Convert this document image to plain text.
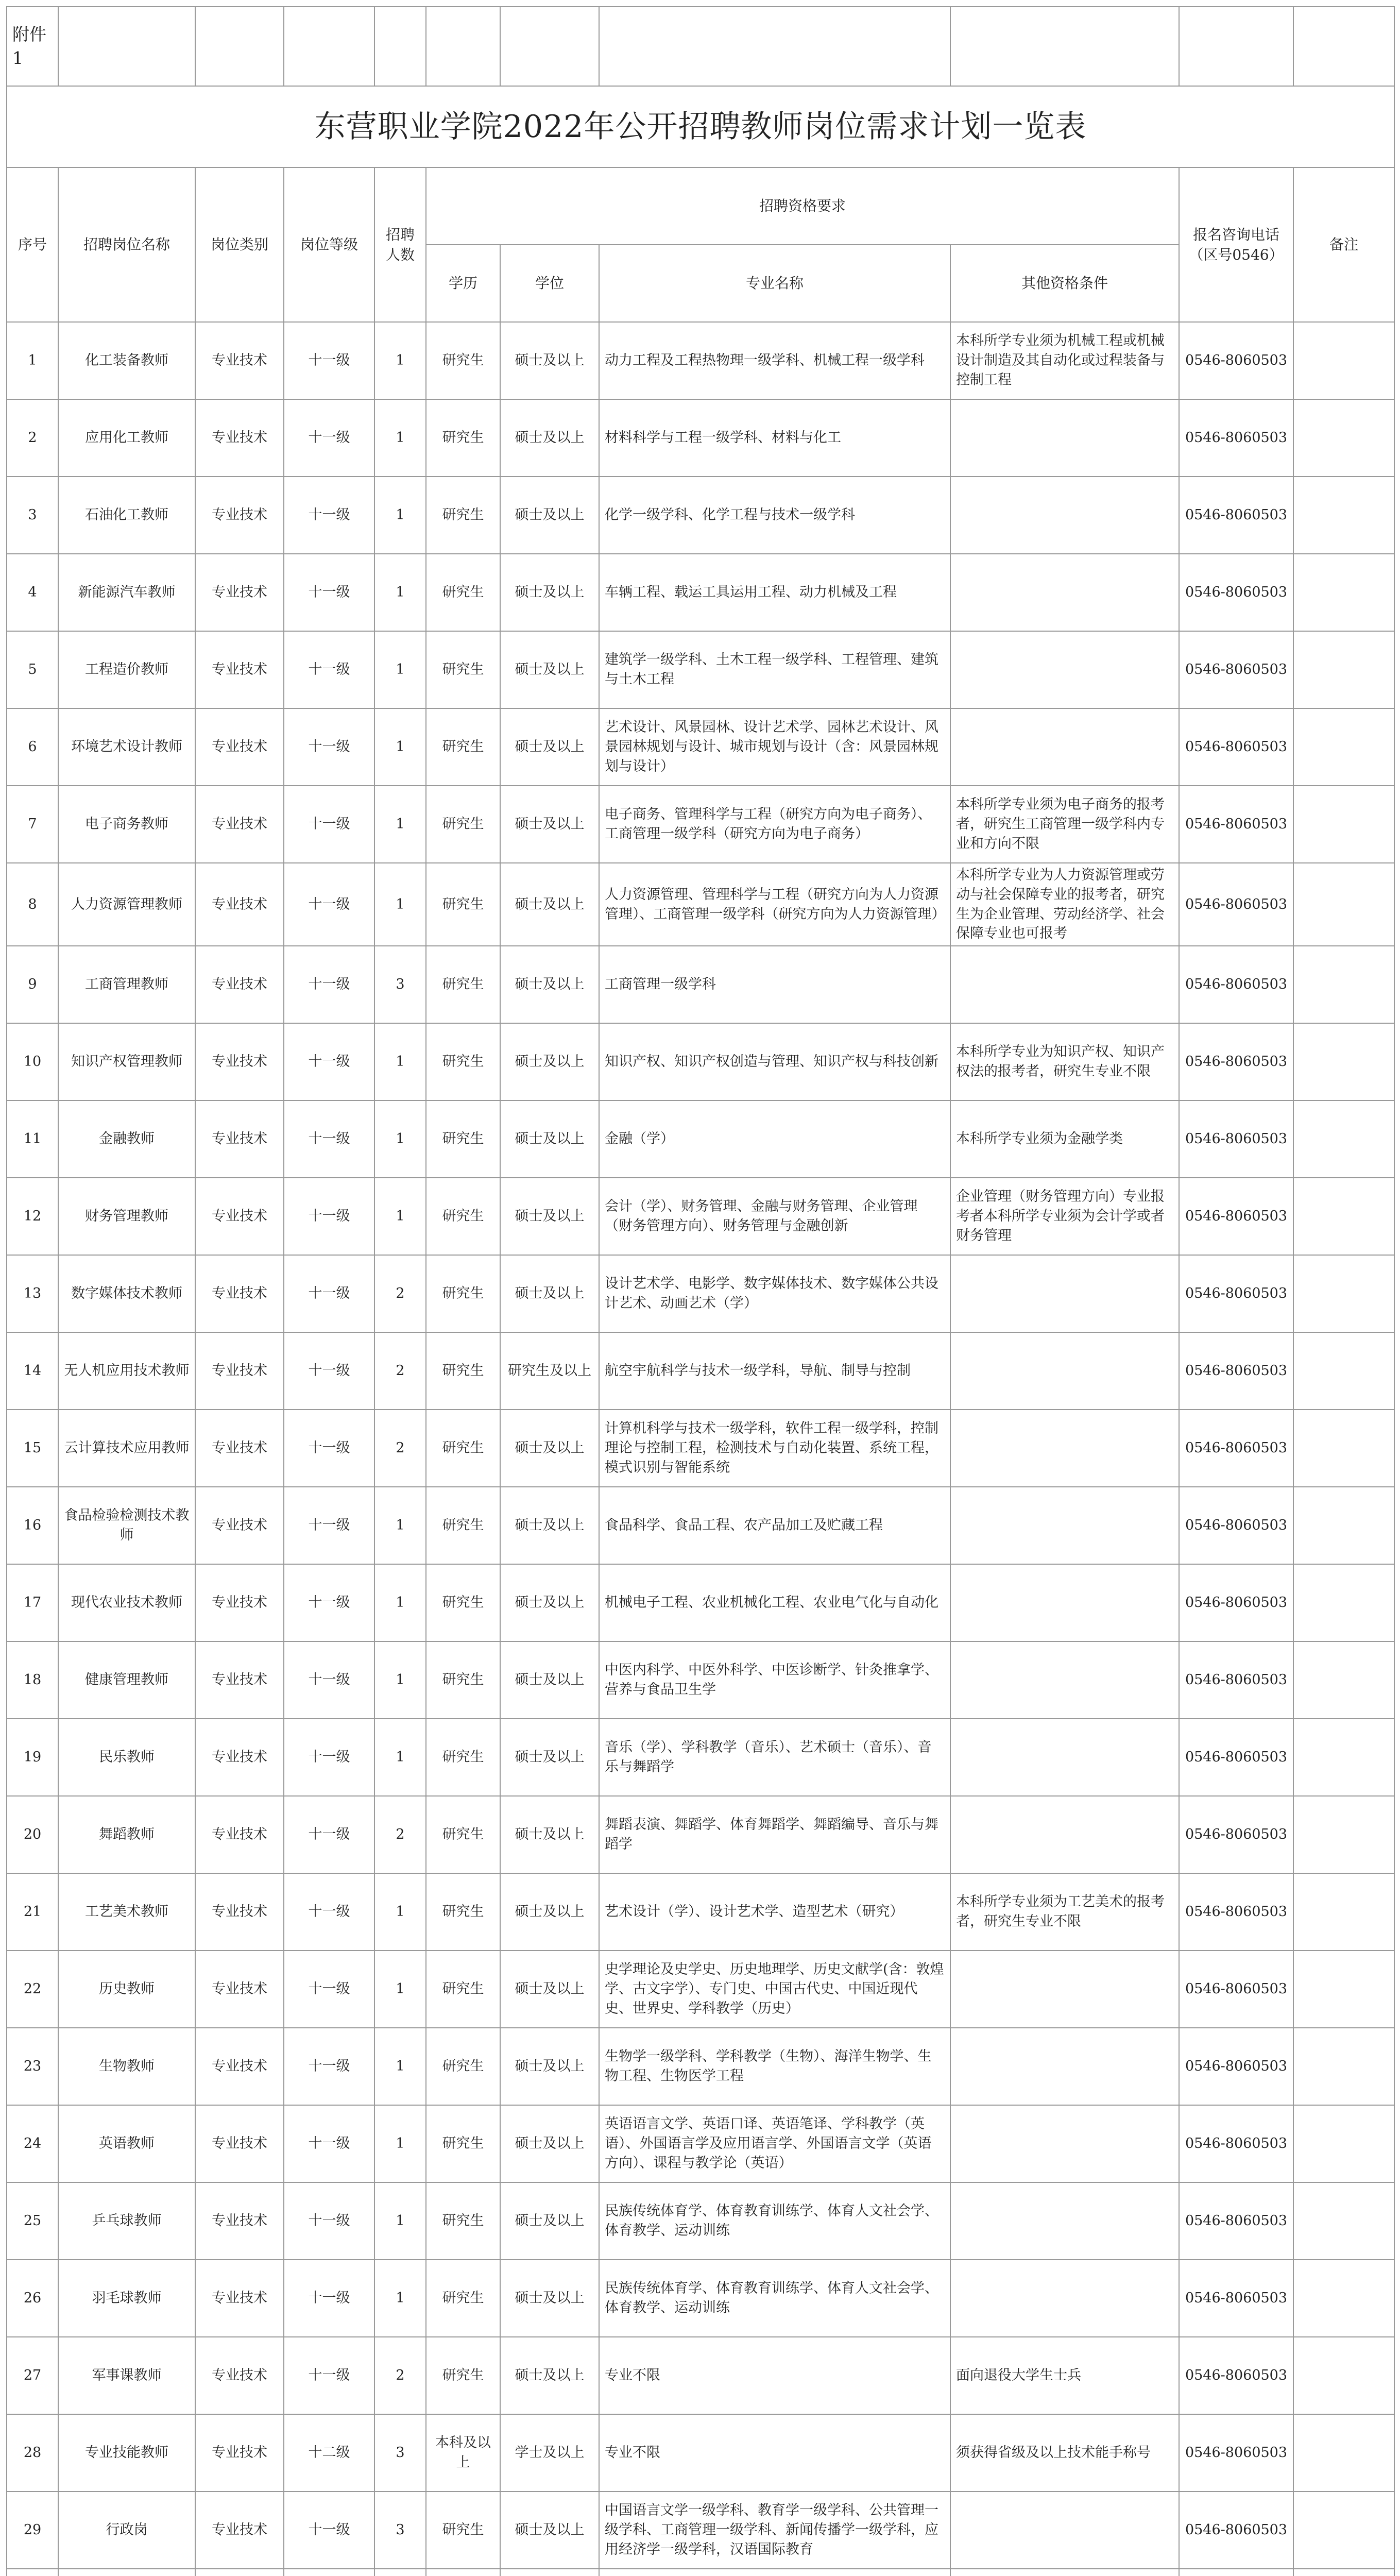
附件1										
东营职业学院2022年公开招聘教师岗位需求计划一览表										
序号	招聘岗位名称	岗位类别	岗位等级	招聘人数	招聘资格要求				报名咨询电话（区号0546）	备注
					学历	学位	专业名称	其他资格条件		
1	化工装备教师	专业技术	十一级	1	研究生	硕士及以上	动力工程及工程热物理一级学科、机械工程一级学科	本科所学专业须为机械工程或机械设计制造及其自动化或过程装备与控制工程	0546-8060503	
2	应用化工教师	专业技术	十一级	1	研究生	硕士及以上	材料科学与工程一级学科、材料与化工		0546-8060503	
3	石油化工教师	专业技术	十一级	1	研究生	硕士及以上	化学一级学科、化学工程与技术一级学科		0546-8060503	
4	新能源汽车教师	专业技术	十一级	1	研究生	硕士及以上	车辆工程、载运工具运用工程、动力机械及工程		0546-8060503	
5	工程造价教师	专业技术	十一级	1	研究生	硕士及以上	建筑学一级学科、土木工程一级学科、工程管理、建筑与土木工程		0546-8060503	
6	环境艺术设计教师	专业技术	十一级	1	研究生	硕士及以上	艺术设计、风景园林、设计艺术学、园林艺术设计、风景园林规划与设计、城市规划与设计（含：风景园林规划与设计）		0546-8060503	
7	电子商务教师	专业技术	十一级	1	研究生	硕士及以上	电子商务、管理科学与工程（研究方向为电子商务）、工商管理一级学科（研究方向为电子商务）	本科所学专业须为电子商务的报考者，研究生工商管理一级学科内专业和方向不限	0546-8060503	
8	人力资源管理教师	专业技术	十一级	1	研究生	硕士及以上	人力资源管理、管理科学与工程（研究方向为人力资源管理）、工商管理一级学科（研究方向为人力资源管理）	本科所学专业为人力资源管理或劳动与社会保障专业的报考者，研究生为企业管理、劳动经济学、社会保障专业也可报考	0546-8060503	
9	工商管理教师	专业技术	十一级	3	研究生	硕士及以上	工商管理一级学科		0546-8060503	
10	知识产权管理教师	专业技术	十一级	1	研究生	硕士及以上	知识产权、知识产权创造与管理、知识产权与科技创新	本科所学专业为知识产权、知识产权法的报考者，研究生专业不限	0546-8060503	
11	金融教师	专业技术	十一级	1	研究生	硕士及以上	金融（学）	本科所学专业须为金融学类	0546-8060503	
12	财务管理教师	专业技术	十一级	1	研究生	硕士及以上	会计（学）、财务管理、金融与财务管理、企业管理（财务管理方向）、财务管理与金融创新	企业管理（财务管理方向）专业报考者本科所学专业须为会计学或者财务管理	0546-8060503	
13	数字媒体技术教师	专业技术	十一级	2	研究生	硕士及以上	设计艺术学、电影学、数字媒体技术、数字媒体公共设计艺术、动画艺术（学）		0546-8060503	
14	无人机应用技术教师	专业技术	十一级	2	研究生	研究生及以上	航空宇航科学与技术一级学科，导航、制导与控制		0546-8060503	
15	云计算技术应用教师	专业技术	十一级	2	研究生	硕士及以上	计算机科学与技术一级学科，软件工程一级学科，控制理论与控制工程，检测技术与自动化装置、系统工程，模式识别与智能系统		0546-8060503	
16	食品检验检测技术教师	专业技术	十一级	1	研究生	硕士及以上	食品科学、食品工程、农产品加工及贮藏工程		0546-8060503	
17	现代农业技术教师	专业技术	十一级	1	研究生	硕士及以上	机械电子工程、农业机械化工程、农业电气化与自动化		0546-8060503	
18	健康管理教师	专业技术	十一级	1	研究生	硕士及以上	中医内科学、中医外科学、中医诊断学、针灸推拿学、营养与食品卫生学		0546-8060503	
19	民乐教师	专业技术	十一级	1	研究生	硕士及以上	音乐（学）、学科教学（音乐）、艺术硕士（音乐）、音乐与舞蹈学		0546-8060503	
20	舞蹈教师	专业技术	十一级	2	研究生	硕士及以上	舞蹈表演、舞蹈学、体育舞蹈学、舞蹈编导、音乐与舞蹈学		0546-8060503	
21	工艺美术教师	专业技术	十一级	1	研究生	硕士及以上	艺术设计（学）、设计艺术学、造型艺术（研究）	本科所学专业须为工艺美术的报考者，研究生专业不限	0546-8060503	
22	历史教师	专业技术	十一级	1	研究生	硕士及以上	史学理论及史学史、历史地理学、历史文献学(含：敦煌学、古文字学）、专门史、中国古代史、中国近现代史、世界史、学科教学（历史）		0546-8060503	
23	生物教师	专业技术	十一级	1	研究生	硕士及以上	生物学一级学科、学科教学（生物）、海洋生物学、生物工程、生物医学工程		0546-8060503	
24	英语教师	专业技术	十一级	1	研究生	硕士及以上	英语语言文学、英语口译、英语笔译、学科教学（英语）、外国语言学及应用语言学、外国语言文学（英语方向）、课程与教学论（英语）		0546-8060503	
25	乒乓球教师	专业技术	十一级	1	研究生	硕士及以上	民族传统体育学、体育教育训练学、体育人文社会学、体育教学、运动训练		0546-8060503	
26	羽毛球教师	专业技术	十一级	1	研究生	硕士及以上	民族传统体育学、体育教育训练学、体育人文社会学、体育教学、运动训练		0546-8060503	
27	军事课教师	专业技术	十一级	2	研究生	硕士及以上	专业不限	面向退役大学生士兵	0546-8060503	
28	专业技能教师	专业技术	十二级	3	本科及以上	学士及以上	专业不限	须获得省级及以上技术能手称号	0546-8060503	
29	行政岗	专业技术	十一级	3	研究生	硕士及以上	中国语言文学一级学科、教育学一级学科、公共管理一级学科、工商管理一级学科、新闻传播学一级学科，应用经济学一级学科，汉语国际教育		0546-8060503	
